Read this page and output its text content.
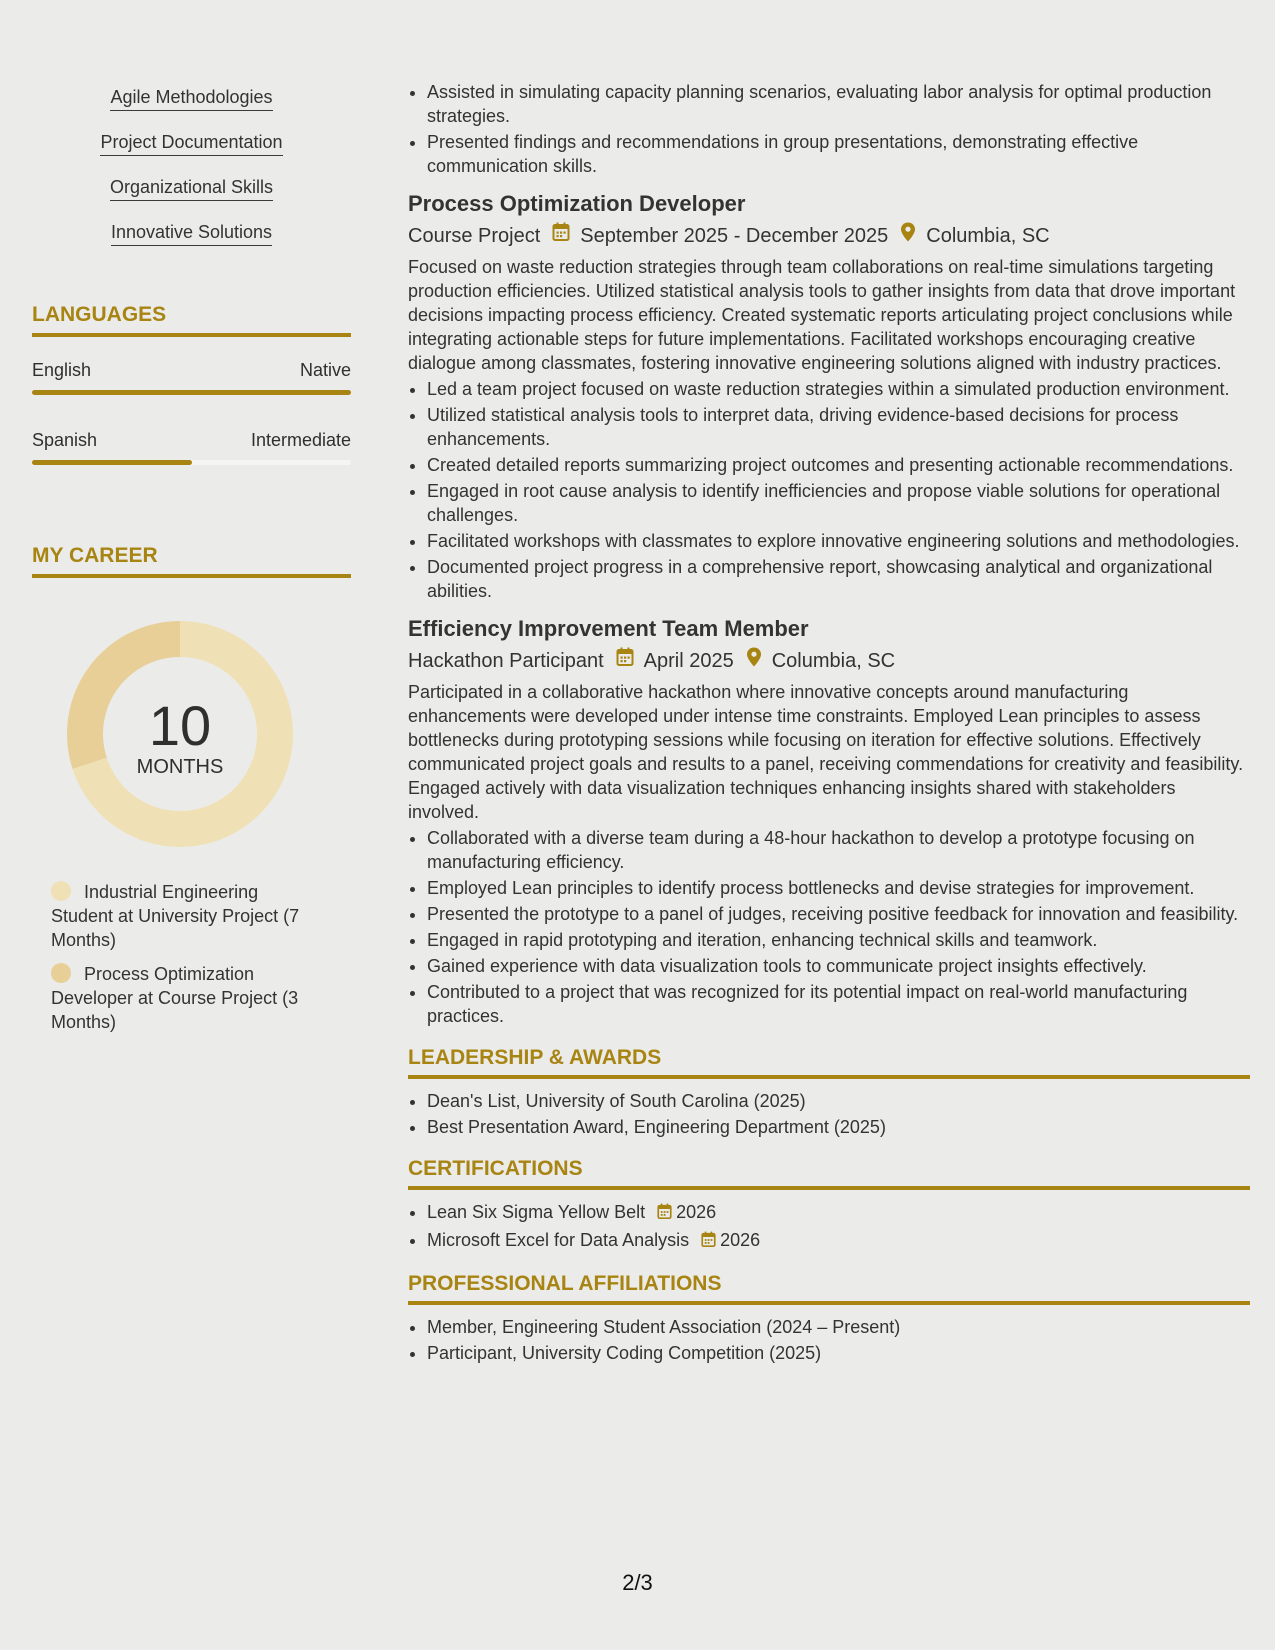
Agile Methodologies
Project Documentation
Organizational Skills
Innovative Solutions
LANGUAGES
English	Native
Spanish	Intermediate
MY CAREER
10
MONTHS
Industrial Engineering Student at University Project (7 Months)
Process Optimization Developer at Course Project (3 Months)
• Assisted in simulating capacity planning scenarios, evaluating labor analysis for optimal production strategies.
• Presented findings and recommendations in group presentations, demonstrating effective communication skills.
Process Optimization Developer
Course Project September 2025 - December 2025 Columbia, SC

Focused on waste reduction strategies through team collaborations on real-time simulations targeting production efficiencies. Utilized statistical analysis tools to gather insights from data that drove important decisions impacting process efficiency. Created systematic reports articulating project conclusions while integrating actionable steps for future implementations. Facilitated workshops encouraging creative dialogue among classmates, fostering innovative engineering solutions aligned with industry practices.

• Led a team project focused on waste reduction strategies within a simulated production environment.
• Utilized statistical analysis tools to interpret data, driving evidence-based decisions for process enhancements.
• Created detailed reports summarizing project outcomes and presenting actionable recommendations.
• Engaged in root cause analysis to identify inefficiencies and propose viable solutions for operational challenges.
• Facilitated workshops with classmates to explore innovative engineering solutions and methodologies.
• Documented project progress in a comprehensive report, showcasing analytical and organizational abilities.
Efficiency Improvement Team Member
Hackathon Participant April 2025 Columbia, SC

Participated in a collaborative hackathon where innovative concepts around manufacturing enhancements were developed under intense time constraints. Employed Lean principles to assess bottlenecks during prototyping sessions while focusing on iteration for effective solutions. Effectively communicated project goals and results to a panel, receiving commendations for creativity and feasibility. Engaged actively with data visualization techniques enhancing insights shared with stakeholders involved.

• Collaborated with a diverse team during a 48-hour hackathon to develop a prototype focusing on manufacturing efficiency.
• Employed Lean principles to identify process bottlenecks and devise strategies for improvement.
• Presented the prototype to a panel of judges, receiving positive feedback for innovation and feasibility.
• Engaged in rapid prototyping and iteration, enhancing technical skills and teamwork.
• Gained experience with data visualization tools to communicate project insights effectively.
• Contributed to a project that was recognized for its potential impact on real-world manufacturing practices.
LEADERSHIP & AWARDS
• Dean's List, University of South Carolina (2025)
• Best Presentation Award, Engineering Department (2025)
CERTIFICATIONS
• Lean Six Sigma Yellow Belt 2026
• Microsoft Excel for Data Analysis 2026
PROFESSIONAL AFFILIATIONS
• Member, Engineering Student Association (2024 – Present)
• Participant, University Coding Competition (2025)
2/3
